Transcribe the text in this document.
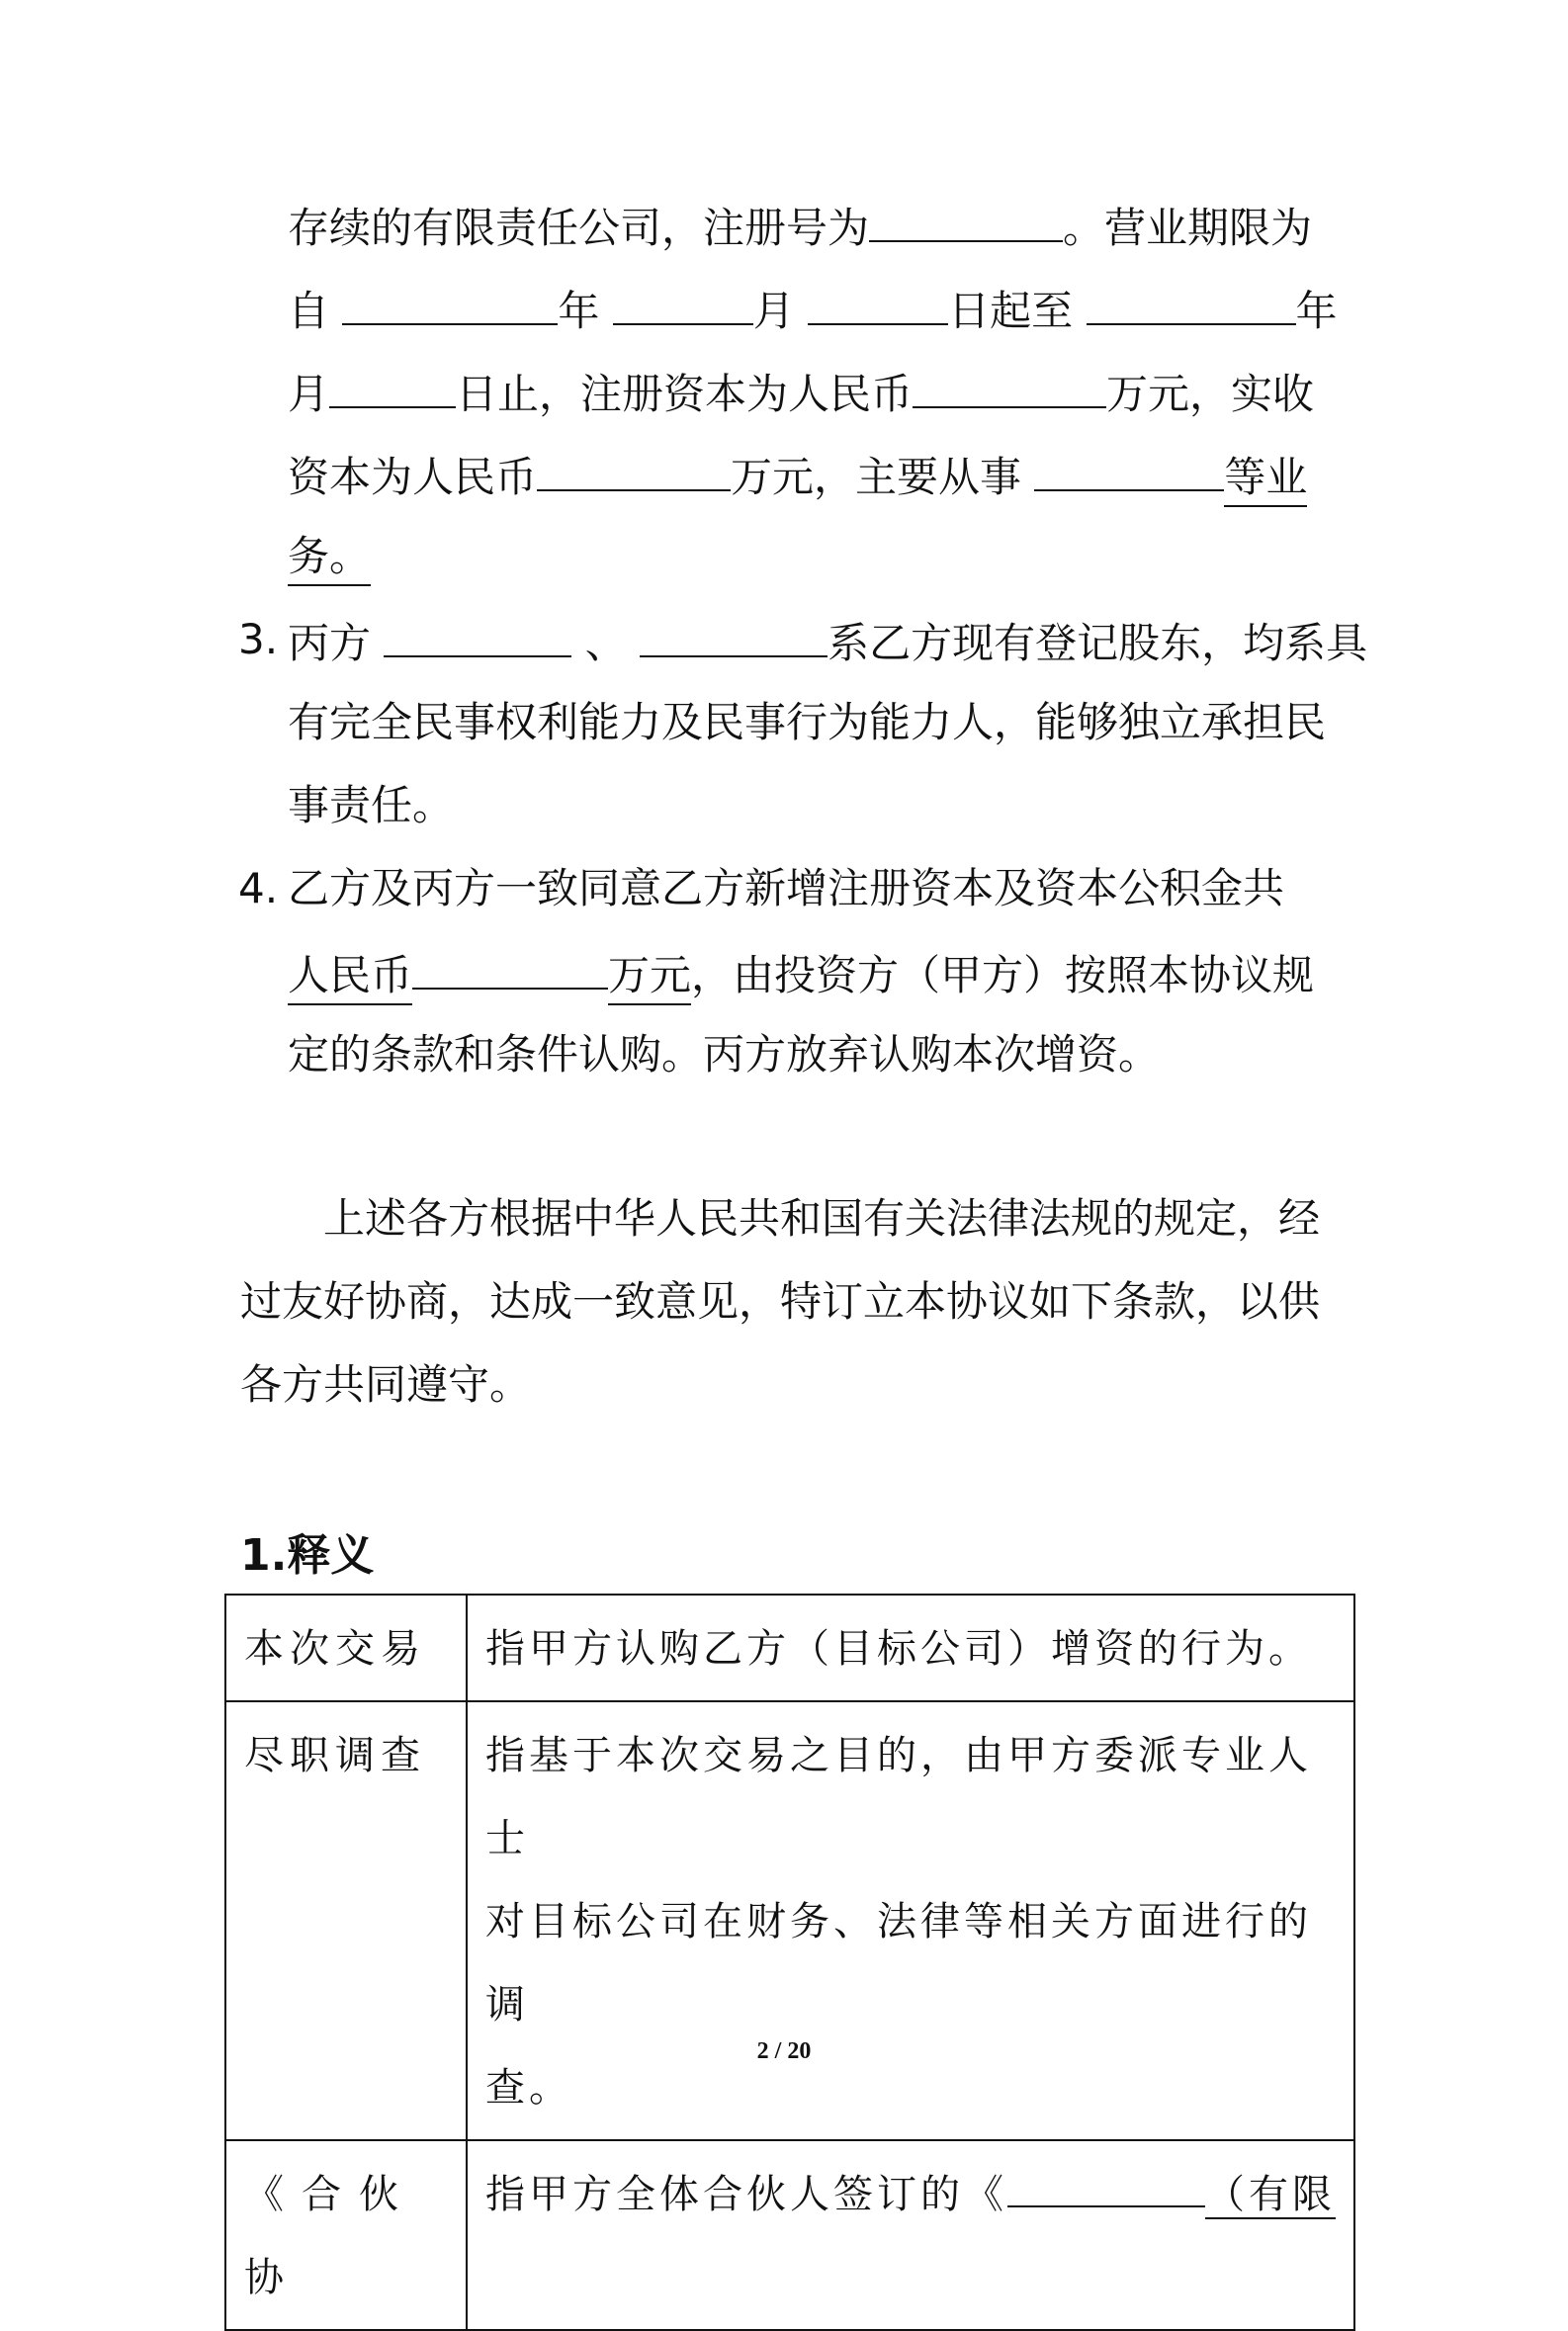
存续的有限责任公司，注册号为	。营业期限为
自	年	月	日起至	年
月	日止，注册资本为人民币	万元，实收
资本为人民币	万元，主要从事	等业
务。
3. 丙方	、	系乙方现有登记股东，均系具
有完全民事权利能力及民事行为能力人，能够独立承担民
事责任。
4. 乙方及丙方一致同意乙方新增注册资本及资本公积金共
人民币	万元，由投资方（甲方）按照本协议规
定的条款和条件认购。丙方放弃认购本次增资。
上述各方根据中华人民共和国有关法律法规的规定，经
过友好协商，达成一致意见，特订立本协议如下条款，以供
各方共同遵守。
1.释义
本次交易	指甲方认购乙方（目标公司）增资的行为。
尽职调查	指基于本次交易之目的，由甲方委派专业人士
对目标公司在财务、法律等相关方面进行的调
查。

《合伙协	指甲方全体合伙人签订的《 （有限
2 / 20
